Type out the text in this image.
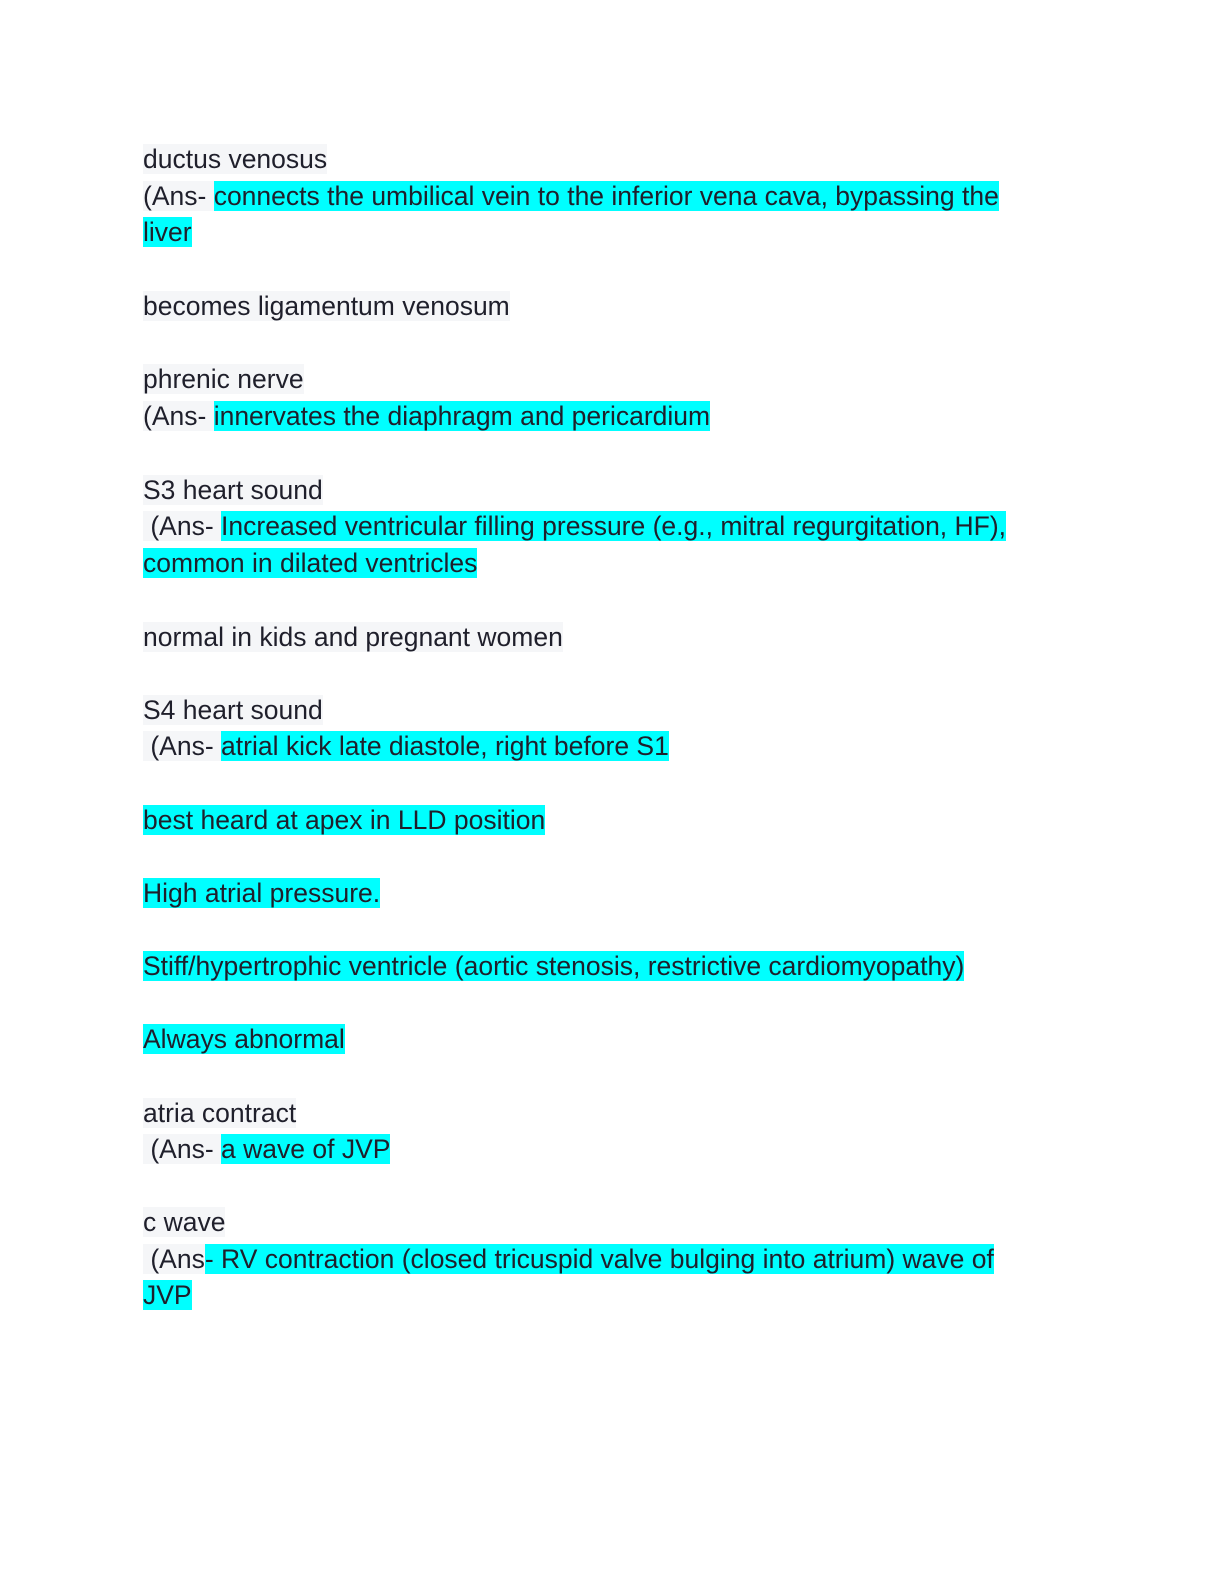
ductus venosus

(Ans- connects the umbilical vein to the inferior vena cava, bypassing the

liver

becomes ligamentum venosum

phrenic nerve

(Ans- innervates the diaphragm and pericardium

S3 heart sound

(Ans- Increased ventricular filling pressure (e.g., mitral regurgitation, HF),

common in dilated ventricles

normal in kids and pregnant women

S4 heart sound

(Ans- atrial kick late diastole, right before S1

best heard at apex in LLD position

High atrial pressure.

Stiff/hypertrophic ventricle (aortic stenosis, restrictive cardiomyopathy)

Always abnormal

atria contract

(Ans- a wave of JVP

c wave

(Ans- RV contraction (closed tricuspid valve bulging into atrium) wave of

JVP
